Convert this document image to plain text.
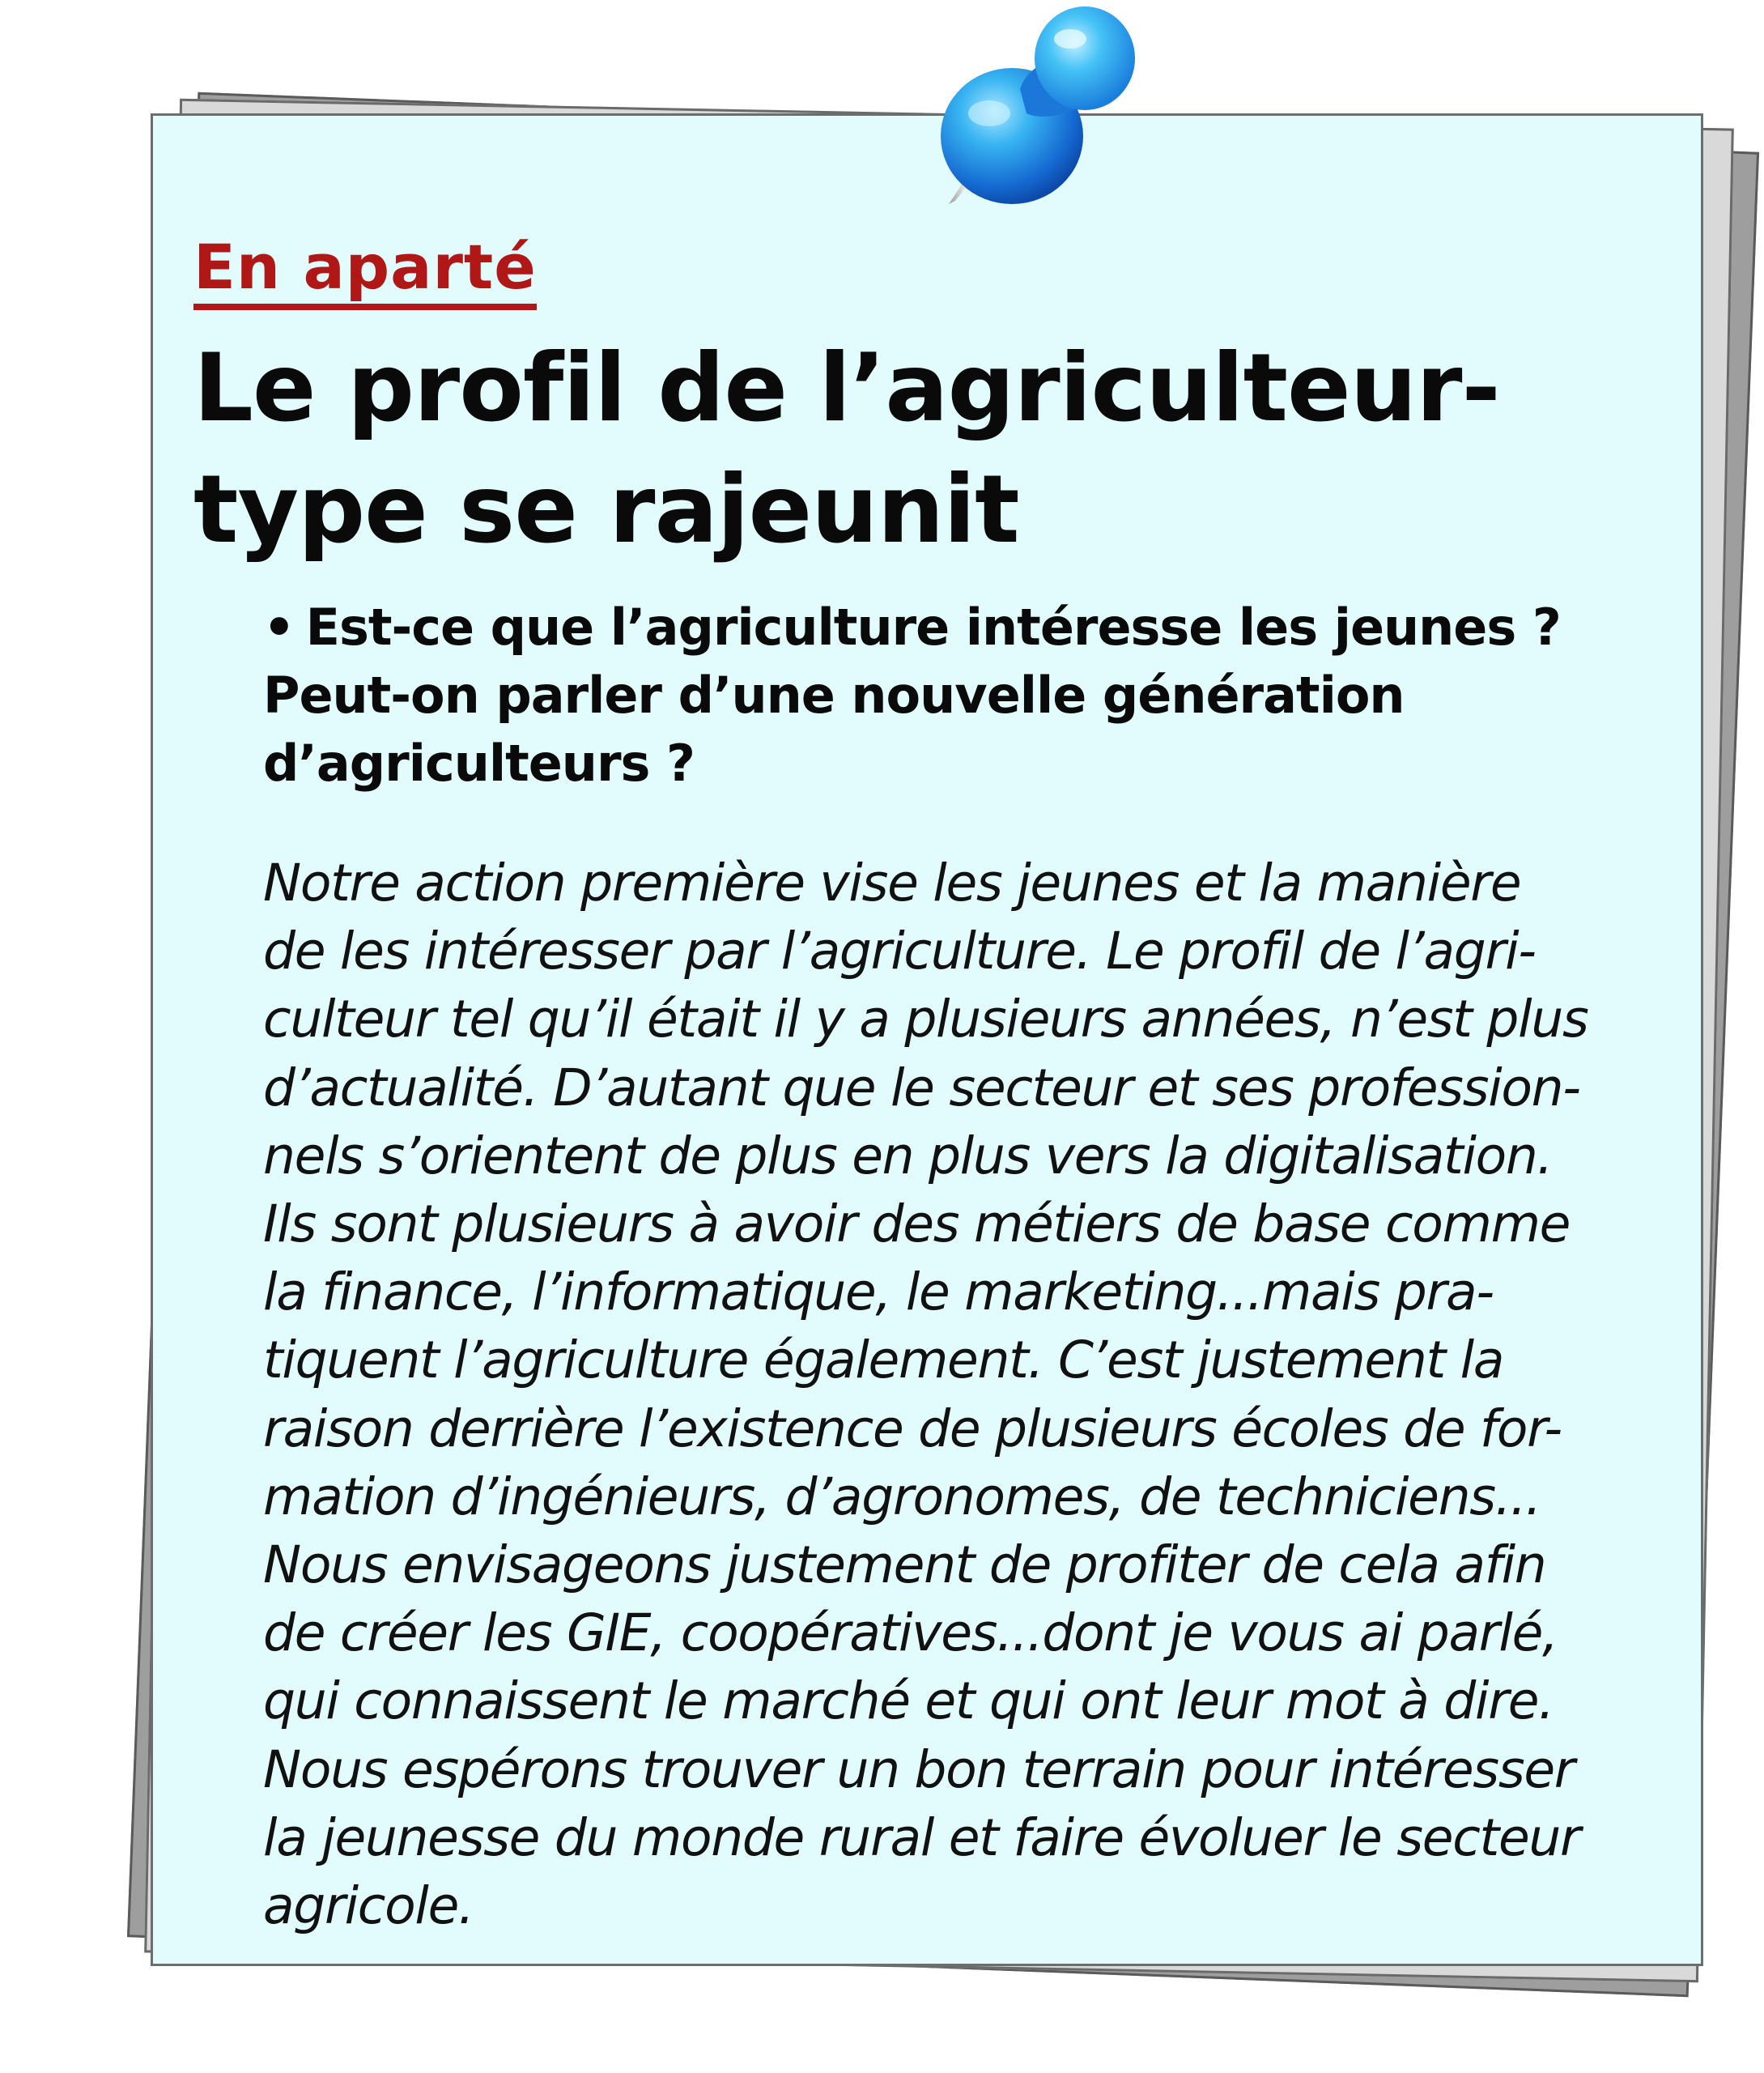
En aparté
Le profil de l’agriculteur-type se rajeunit

• Est-ce que l’agriculture intéresse les jeunes ? Peut-on parler d’une nouvelle génération d’agriculteurs ?

Notre action première vise les jeunes et la manière
de les intéresser par l’agriculture. Le profil de l’agri-
culteur tel qu’il était il y a plusieurs années, n’est plus
d’actualité. D’autant que le secteur et ses profession-
nels s’orientent de plus en plus vers la digitalisation.
Ils sont plusieurs à avoir des métiers de base comme
la finance, l’informatique, le marketing...mais pra-
tiquent l’agriculture également. C’est justement la
raison derrière l’existence de plusieurs écoles de for-
mation d’ingénieurs, d’agronomes, de techniciens...
Nous envisageons justement de profiter de cela afin
de créer les GIE, coopératives...dont je vous ai parlé,
qui connaissent le marché et qui ont leur mot à dire.
Nous espérons trouver un bon terrain pour intéresser
la jeunesse du monde rural et faire évoluer le secteur
agricole.
